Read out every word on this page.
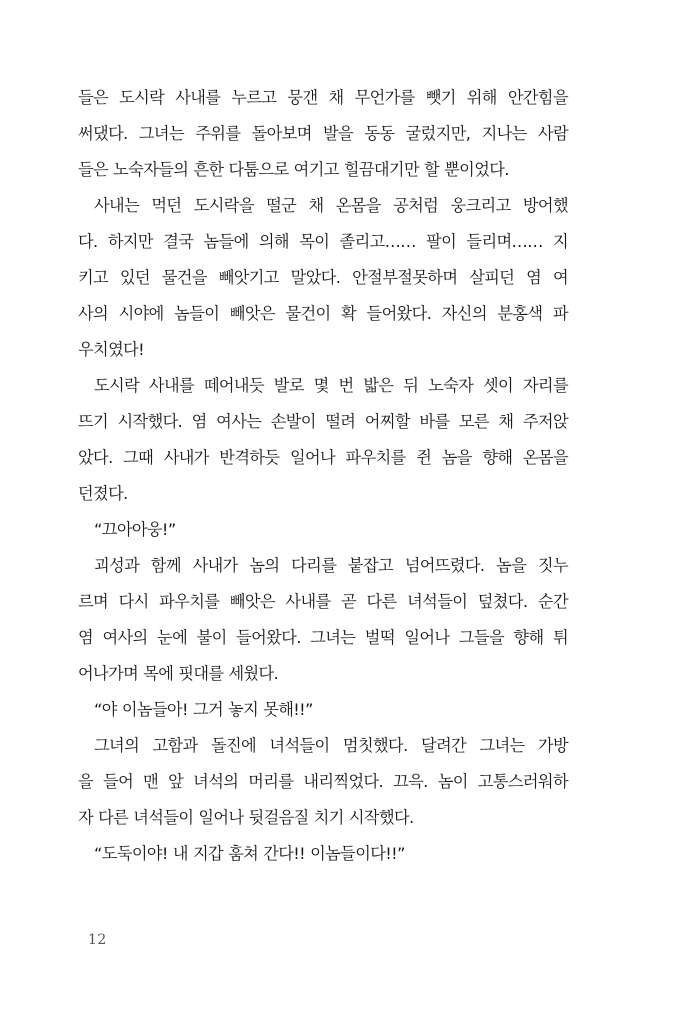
들은 도시락 사내를 누르고 뭉갠 채 무언가를 뺏기 위해 안간힘을
써댔다. 그녀는 주위를 돌아보며 발을 동동 굴렀지만, 지나는 사람
들은 노숙자들의 흔한 다툼으로 여기고 힐끔대기만 할 뿐이었다.
사내는 먹던 도시락을 떨군 채 온몸을 공처럼 웅크리고 방어했
다. 하지만 결국 놈들에 의해 목이 졸리고…… 팔이 들리며…… 지
키고 있던 물건을 빼앗기고 말았다. 안절부절못하며 살피던 염 여
사의 시야에 놈들이 빼앗은 물건이 확 들어왔다. 자신의 분홍색 파
우치였다!
도시락 사내를 떼어내듯 발로 몇 번 밟은 뒤 노숙자 셋이 자리를
뜨기 시작했다. 염 여사는 손발이 떨려 어찌할 바를 모른 채 주저앉
았다. 그때 사내가 반격하듯 일어나 파우치를 쥔 놈을 향해 온몸을
던졌다.
“끄아아웅!”
괴성과 함께 사내가 놈의 다리를 붙잡고 넘어뜨렸다. 놈을 짓누
르며 다시 파우치를 빼앗은 사내를 곧 다른 녀석들이 덮쳤다. 순간
염 여사의 눈에 불이 들어왔다. 그녀는 벌떡 일어나 그들을 향해 튀
어나가며 목에 핏대를 세웠다.
“야 이놈들아! 그거 놓지 못해!!”
그녀의 고함과 돌진에 녀석들이 멈칫했다. 달려간 그녀는 가방
을 들어 맨 앞 녀석의 머리를 내리찍었다. 끄윽. 놈이 고통스러워하
자 다른 녀석들이 일어나 뒷걸음질 치기 시작했다.
“도둑이야! 내 지갑 훔쳐 간다!! 이놈들이다!!”
12
